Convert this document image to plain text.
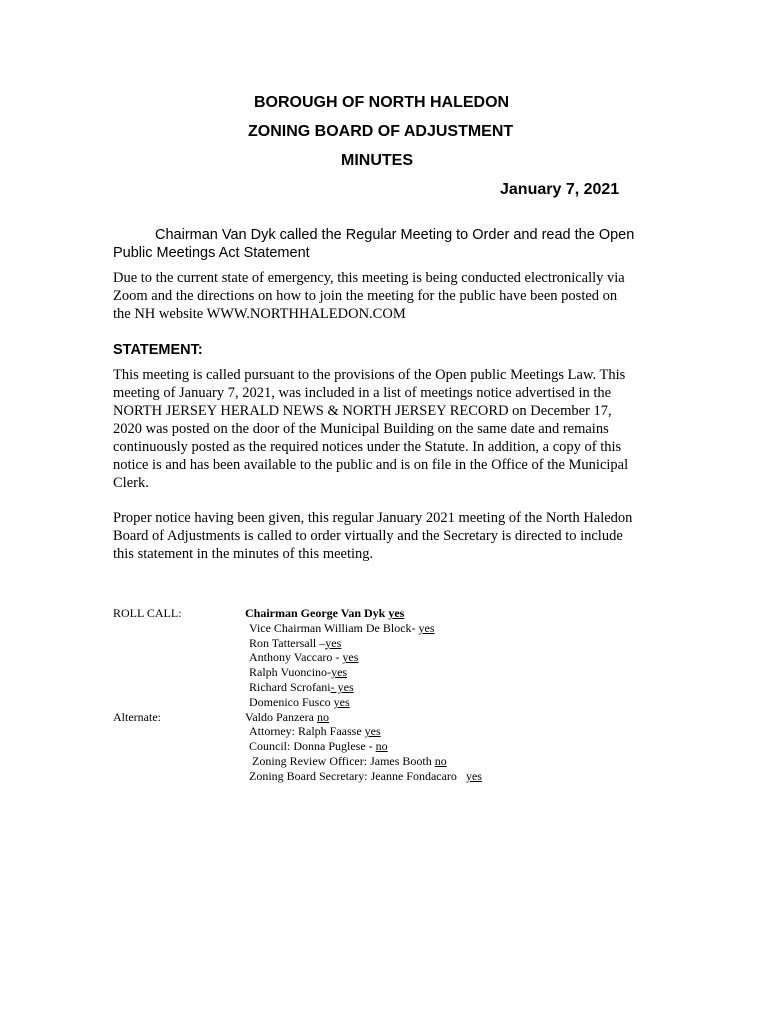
BOROUGH OF NORTH HALEDON
ZONING BOARD OF ADJUSTMENT
MINUTES
January 7, 2021
Chairman Van Dyk called the Regular Meeting to Order and read the Open
Public Meetings Act Statement
Due to the current state of emergency, this meeting is being conducted electronically via
Zoom and the directions on how to join the meeting for the public have been posted on
the NH website WWW.NORTHHALEDON.COM
STATEMENT:
This meeting is called pursuant to the provisions of the Open public Meetings Law. This
meeting of January 7, 2021, was included in a list of meetings notice advertised in the
NORTH JERSEY HERALD NEWS & NORTH JERSEY RECORD on December 17,
2020 was posted on the door of the Municipal Building on the same date and remains
continuously posted as the required notices under the Statute. In addition, a copy of this
notice is and has been available to the public and is on file in the Office of the Municipal
Clerk.
Proper notice having been given, this regular January 2021 meeting of the North Haledon
Board of Adjustments is called to order virtually and the Secretary is directed to include
this statement in the minutes of this meeting.
ROLL CALL:
Alternate:
Chairman George Van Dyk yes
Vice Chairman William De Block- yes
Ron Tattersall –yes
Anthony Vaccaro - yes
Ralph Vuoncino-yes
Richard Scrofani- yes
Domenico Fusco yes
Valdo Panzera no
Attorney: Ralph Faasse yes
Council: Donna Puglese - no
Zoning Review Officer: James Booth no
Zoning Board Secretary: Jeanne Fondacaro   yes
